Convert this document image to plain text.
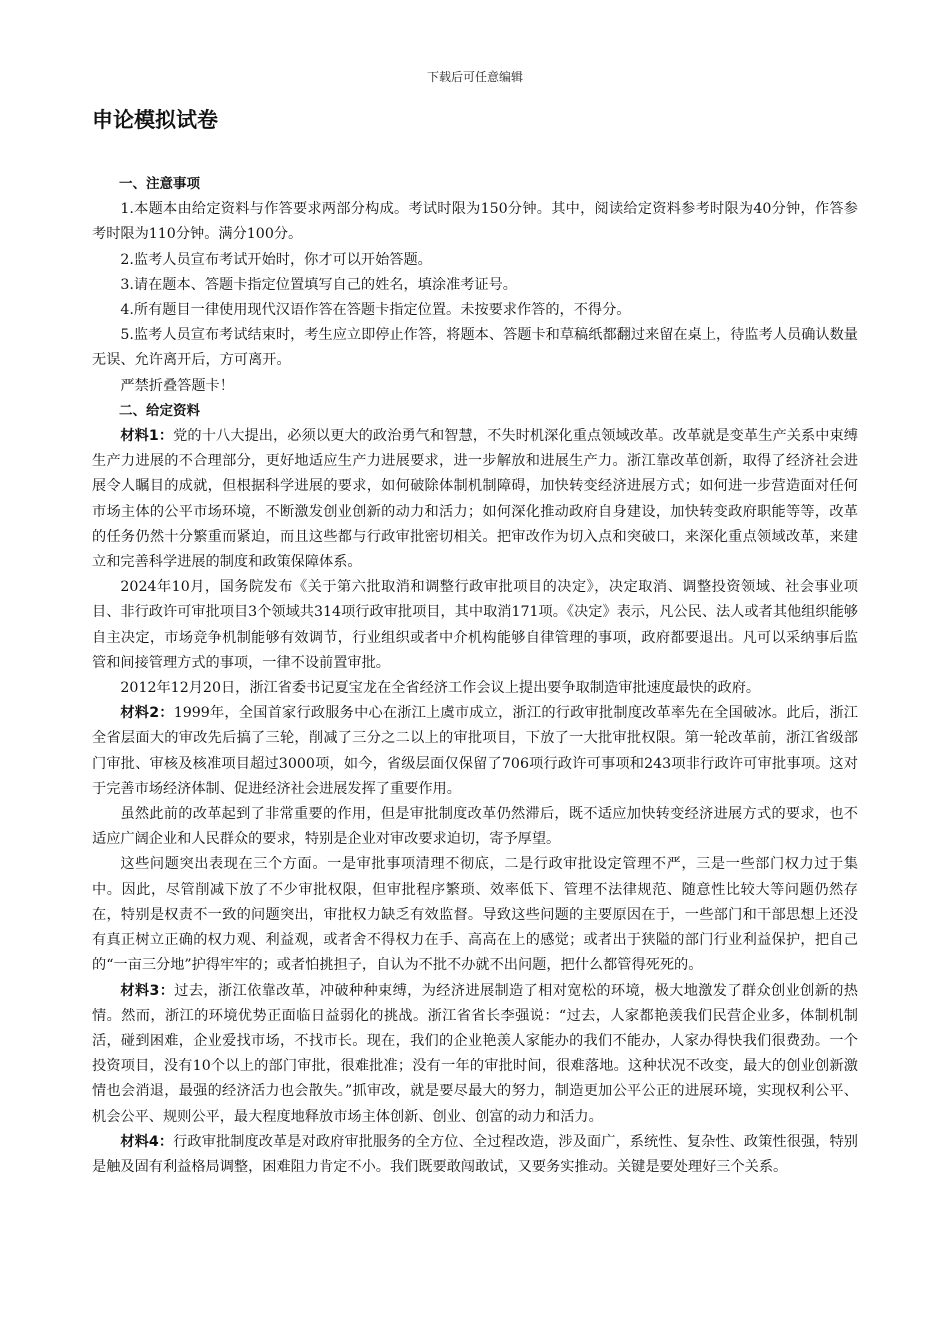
下载后可任意编辑
申论模拟试卷

一、注意事项

1.本题本由给定资料与作答要求两部分构成。考试时限为150分钟。其中，阅读给定资料参考时限为40分钟，作答参考时限为110分钟。满分100分。

2.监考人员宣布考试开始时，你才可以开始答题。

3.请在题本、答题卡指定位置填写自己的姓名，填涂准考证号。

4.所有题目一律使用现代汉语作答在答题卡指定位置。未按要求作答的，不得分。

5.监考人员宣布考试结束时，考生应立即停止作答，将题本、答题卡和草稿纸都翻过来留在桌上，待监考人员确认数量无误、允许离开后，方可离开。

严禁折叠答题卡！

二、给定资料

材料1：党的十八大提出，必须以更大的政治勇气和智慧，不失时机深化重点领域改革。改革就是变革生产关系中束缚生产力进展的不合理部分，更好地适应生产力进展要求，进一步解放和进展生产力。浙江靠改革创新，取得了经济社会进展令人瞩目的成就，但根据科学进展的要求，如何破除体制机制障碍，加快转变经济进展方式；如何进一步营造面对任何市场主体的公平市场环境，不断激发创业创新的动力和活力；如何深化推动政府自身建设，加快转变政府职能等等，改革的任务仍然十分繁重而紧迫，而且这些都与行政审批密切相关。把审改作为切入点和突破口，来深化重点领域改革，来建立和完善科学进展的制度和政策保障体系。

2024年10月，国务院发布《关于第六批取消和调整行政审批项目的决定》，决定取消、调整投资领域、社会事业项目、非行政许可审批项目3个领域共314项行政审批项目，其中取消171项。《决定》表示，凡公民、法人或者其他组织能够自主决定，市场竞争机制能够有效调节，行业组织或者中介机构能够自律管理的事项，政府都要退出。凡可以采纳事后监管和间接管理方式的事项，一律不设前置审批。

2012年12月20日，浙江省委书记夏宝龙在全省经济工作会议上提出要争取制造审批速度最快的政府。

材料2：1999年，全国首家行政服务中心在浙江上虞市成立，浙江的行政审批制度改革率先在全国破冰。此后，浙江全省层面大的审改先后搞了三轮，削减了三分之二以上的审批项目，下放了一大批审批权限。第一轮改革前，浙江省级部门审批、审核及核准项目超过3000项，如今，省级层面仅保留了706项行政许可事项和243项非行政许可审批事项。这对于完善市场经济体制、促进经济社会进展发挥了重要作用。

虽然此前的改革起到了非常重要的作用，但是审批制度改革仍然滞后，既不适应加快转变经济进展方式的要求，也不适应广阔企业和人民群众的要求，特别是企业对审改要求迫切，寄予厚望。

这些问题突出表现在三个方面。一是审批事项清理不彻底，二是行政审批设定管理不严，三是一些部门权力过于集中。因此，尽管削减下放了不少审批权限，但审批程序繁琐、效率低下、管理不法律规范、随意性比较大等问题仍然存在，特别是权责不一致的问题突出，审批权力缺乏有效监督。导致这些问题的主要原因在于，一些部门和干部思想上还没有真正树立正确的权力观、利益观，或者舍不得权力在手、高高在上的感觉；或者出于狭隘的部门行业利益保护，把自己的“一亩三分地”护得牢牢的；或者怕挑担子，自认为不批不办就不出问题，把什么都管得死死的。

材料3：过去，浙江依靠改革，冲破种种束缚，为经济进展制造了相对宽松的环境，极大地激发了群众创业创新的热情。然而，浙江的环境优势正面临日益弱化的挑战。浙江省省长李强说：“过去，人家都艳羡我们民营企业多，体制机制活，碰到困难，企业爱找市场，不找市长。现在，我们的企业艳羡人家能办的我们不能办，人家办得快我们很费劲。一个投资项目，没有10个以上的部门审批，很难批准；没有一年的审批时间，很难落地。这种状况不改变，最大的创业创新激情也会消退，最强的经济活力也会散失。”抓审改，就是要尽最大的努力，制造更加公平公正的进展环境，实现权利公平、机会公平、规则公平，最大程度地释放市场主体创新、创业、创富的动力和活力。

材料4：行政审批制度改革是对政府审批服务的全方位、全过程改造，涉及面广，系统性、复杂性、政策性很强，特别是触及固有利益格局调整，困难阻力肯定不小。我们既要敢闯敢试，又要务实推动。关键是要处理好三个关系。
